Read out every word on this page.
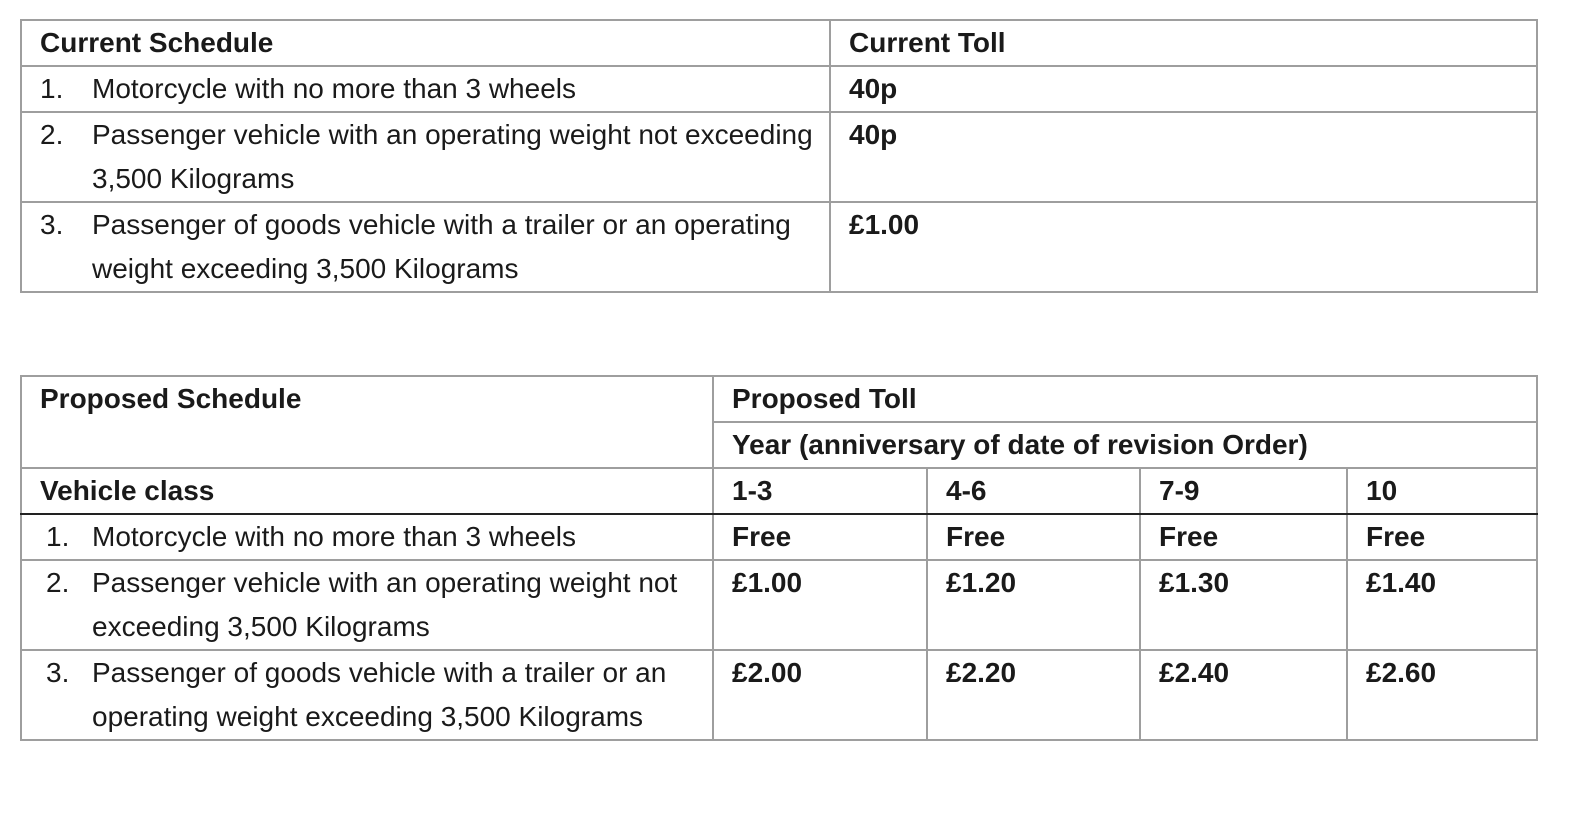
Current Schedule	Current Toll

1. Motorcycle with no more than 3 wheels	40p

2. Passenger vehicle with an operating weight not exceeding 3,500 Kilograms	40p

3. Passenger of goods vehicle with a trailer or an operating weight exceeding 3,500 Kilograms	£1.00
Proposed Schedule	Proposed Toll			
	Year (anniversary of date of revision Order)			
Vehicle class	1-3	4-6	7-9	10

1. Motorcycle with no more than 3 wheels	Free	Free	Free	Free

2. Passenger vehicle with an operating weight not exceeding 3,500 Kilograms	£1.00	£1.20	£1.30	£1.40

3. Passenger of goods vehicle with a trailer or an operating weight exceeding 3,500 Kilograms	£2.00	£2.20	£2.40	£2.60
